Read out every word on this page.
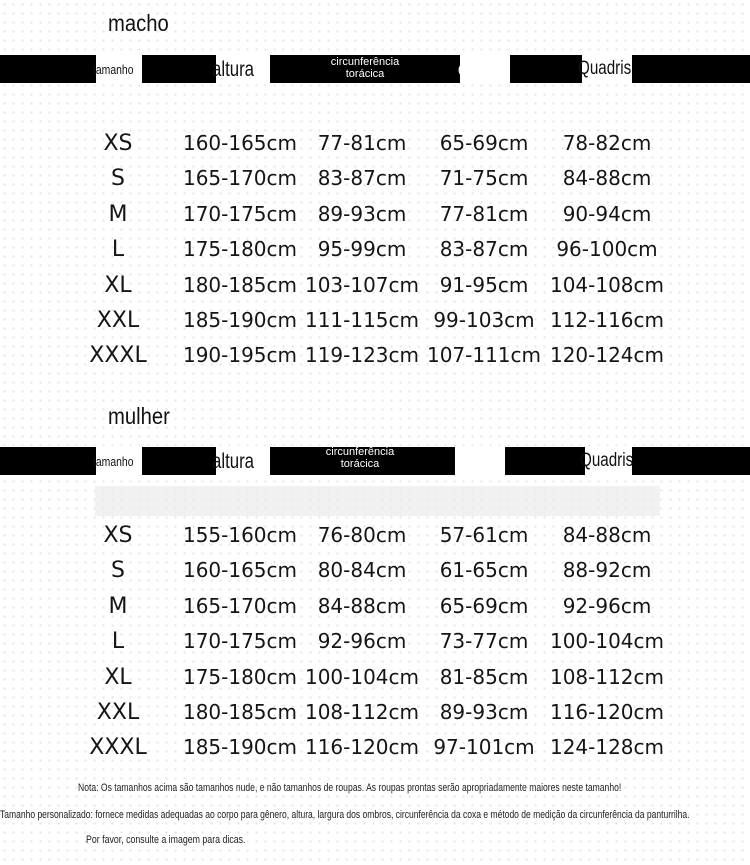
macho
tamanho	altura	circunferência torácica	cintura	Quadris
XS	160-165cm	77-81cm	65-69cm	78-82cm
S	165-170cm	83-87cm	71-75cm	84-88cm
M	170-175cm	89-93cm	77-81cm	90-94cm
L	175-180cm	95-99cm	83-87cm	96-100cm
XL	180-185cm 103-107cm	91-95cm	104-108cm
XXL	185-190cm 111-115cm 99-103cm 112-116cm
XXXL 190-195cm 119-123cm 107-111cm 120-124cm
mulher
tamanho	altura	circunferência torácica	cintura	Quadris
XS	155-160cm	76-80cm	57-61cm	84-88cm
S	160-165cm	80-84cm	61-65cm	88-92cm
M	165-170cm	84-88cm	65-69cm	92-96cm
L	170-175cm	92-96cm	73-77cm	100-104cm
XL	175-180cm 100-104cm	81-85cm	108-112cm
XXL	180-185cm 108-112cm	89-93cm	116-120cm
XXXL 185-190cm 116-120cm 97-101cm 124-128cm
Nota: Os tamanhos acima são tamanhos nude, e não tamanhos de roupas. As roupas prontas serão apropriadamente maiores neste tamanho!
Tamanho personalizado: fornece medidas adequadas ao corpo para gênero, altura, largura dos ombros, circunferência da coxa e método de medição da circunferência da panturrilha.
Por favor, consulte a imagem para dicas.
